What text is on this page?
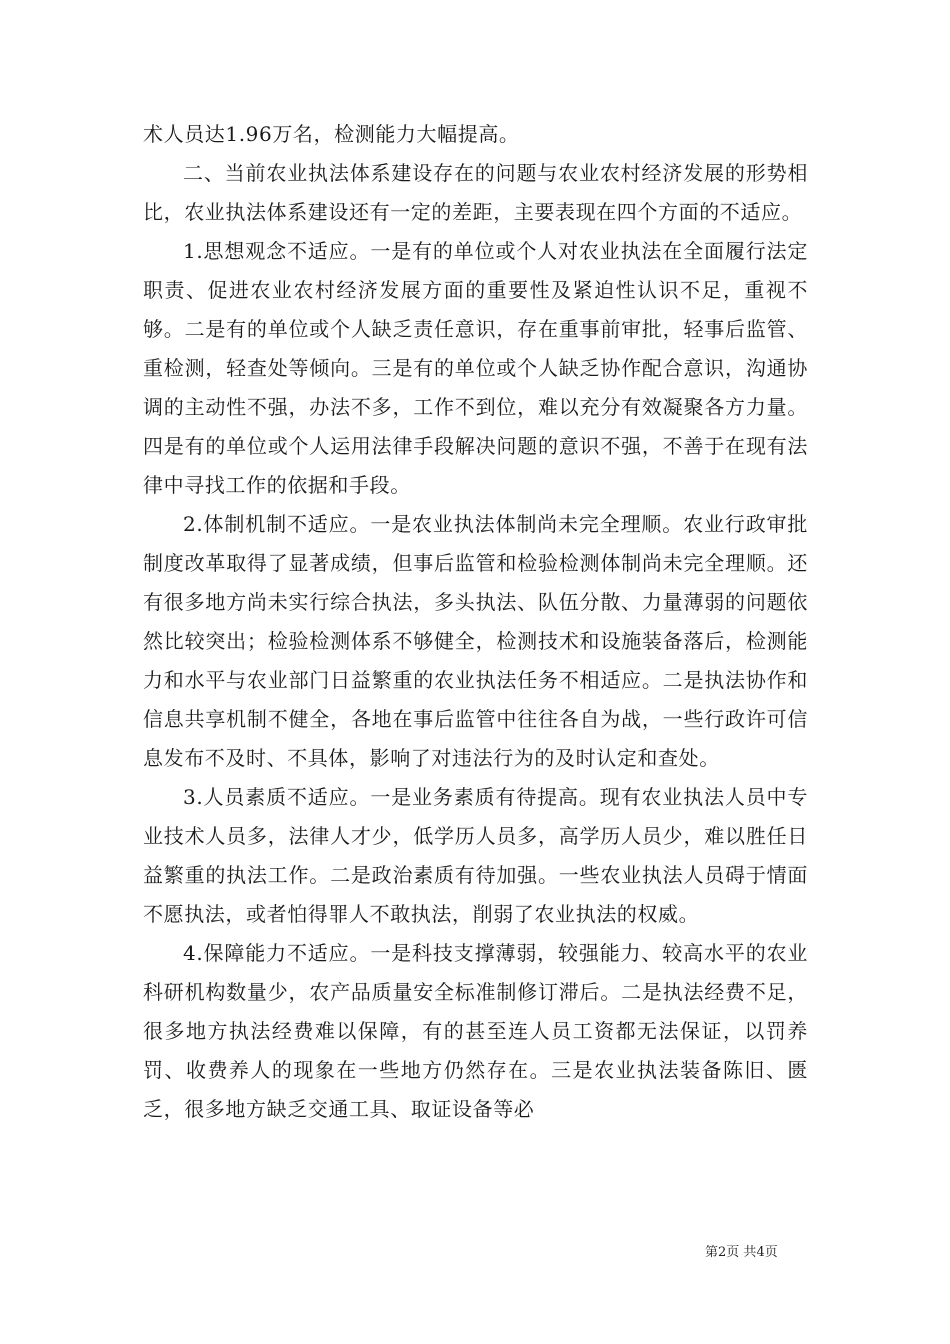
术人员达1.96万名，检测能力大幅提高。

二、当前农业执法体系建设存在的问题与农业农村经济发展的形势相比，农业执法体系建设还有一定的差距，主要表现在四个方面的不适应。

1.思想观念不适应。一是有的单位或个人对农业执法在全面履行法定职责、促进农业农村经济发展方面的重要性及紧迫性认识不足，重视不够。二是有的单位或个人缺乏责任意识，存在重事前审批，轻事后监管、重检测，轻查处等倾向。三是有的单位或个人缺乏协作配合意识，沟通协调的主动性不强，办法不多，工作不到位，难以充分有效凝聚各方力量。四是有的单位或个人运用法律手段解决问题的意识不强，不善于在现有法律中寻找工作的依据和手段。

2.体制机制不适应。一是农业执法体制尚未完全理顺。农业行政审批制度改革取得了显著成绩，但事后监管和检验检测体制尚未完全理顺。还有很多地方尚未实行综合执法，多头执法、队伍分散、力量薄弱的问题依然比较突出；检验检测体系不够健全，检测技术和设施装备落后，检测能力和水平与农业部门日益繁重的农业执法任务不相适应。二是执法协作和信息共享机制不健全，各地在事后监管中往往各自为战，一些行政许可信息发布不及时、不具体，影响了对违法行为的及时认定和查处。

3.人员素质不适应。一是业务素质有待提高。现有农业执法人员中专业技术人员多，法律人才少，低学历人员多，高学历人员少，难以胜任日益繁重的执法工作。二是政治素质有待加强。一些农业执法人员碍于情面不愿执法，或者怕得罪人不敢执法，削弱了农业执法的权威。

4.保障能力不适应。一是科技支撑薄弱，较强能力、较高水平的农业科研机构数量少，农产品质量安全标准制修订滞后。二是执法经费不足，很多地方执法经费难以保障，有的甚至连人员工资都无法保证，以罚养罚、收费养人的现象在一些地方仍然存在。三是农业执法装备陈旧、匮乏，很多地方缺乏交通工具、取证设备等必

第2页 共4页
